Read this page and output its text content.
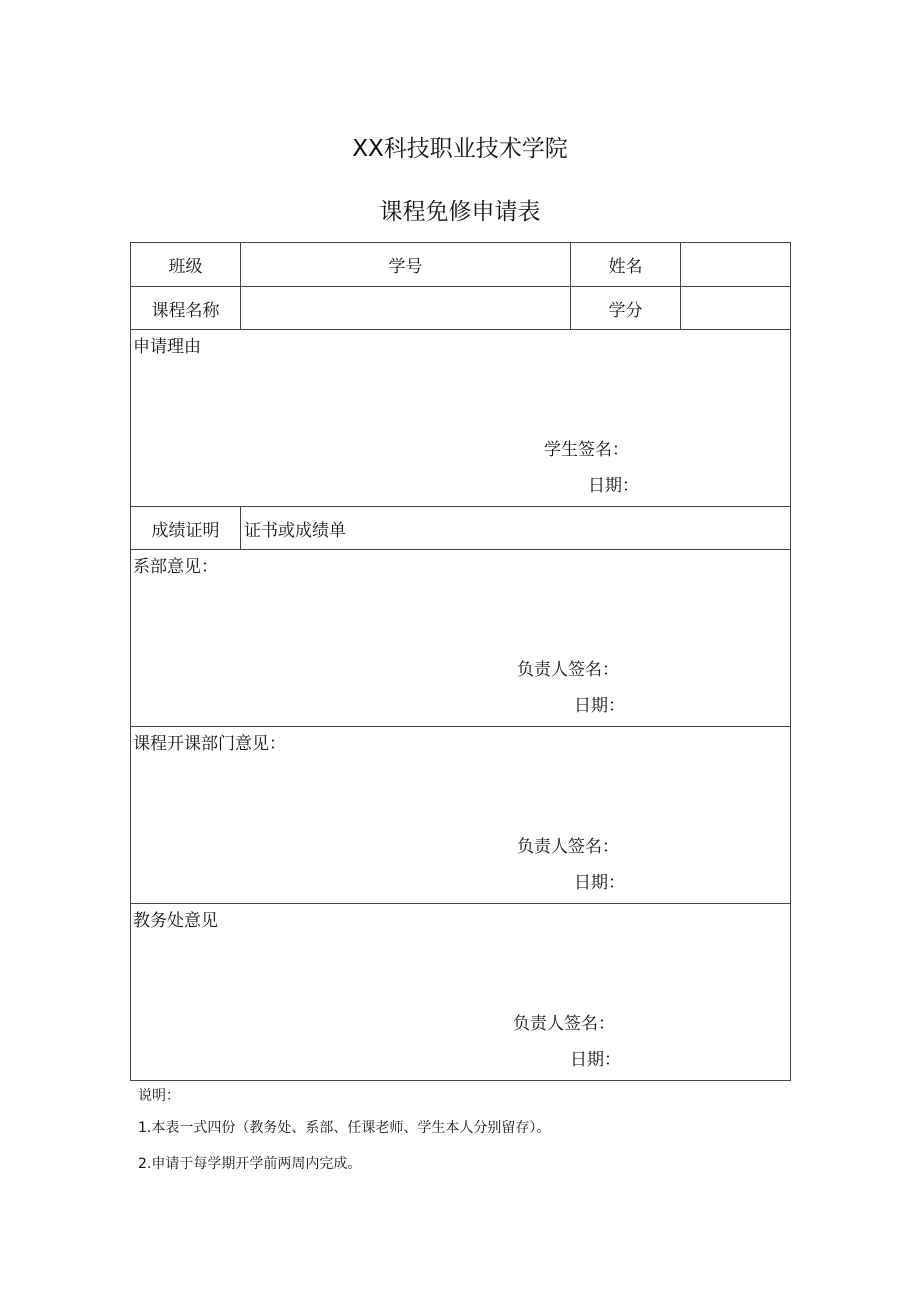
XX科技职业技术学院
课程免修申请表
班级	学号	姓名	
课程名称		学分	

申请理由
学生签名：
日期：			

成绩证明	证书或成绩单		

系部意见：
负责人签名：
日期：			

课程开课部门意见：
负责人签名：
日期：			

教务处意见
负责人签名：
日期：			
说明：
1.本表一式四份（教务处、系部、任课老师、学生本人分别留存）。
2.申请于每学期开学前两周内完成。
